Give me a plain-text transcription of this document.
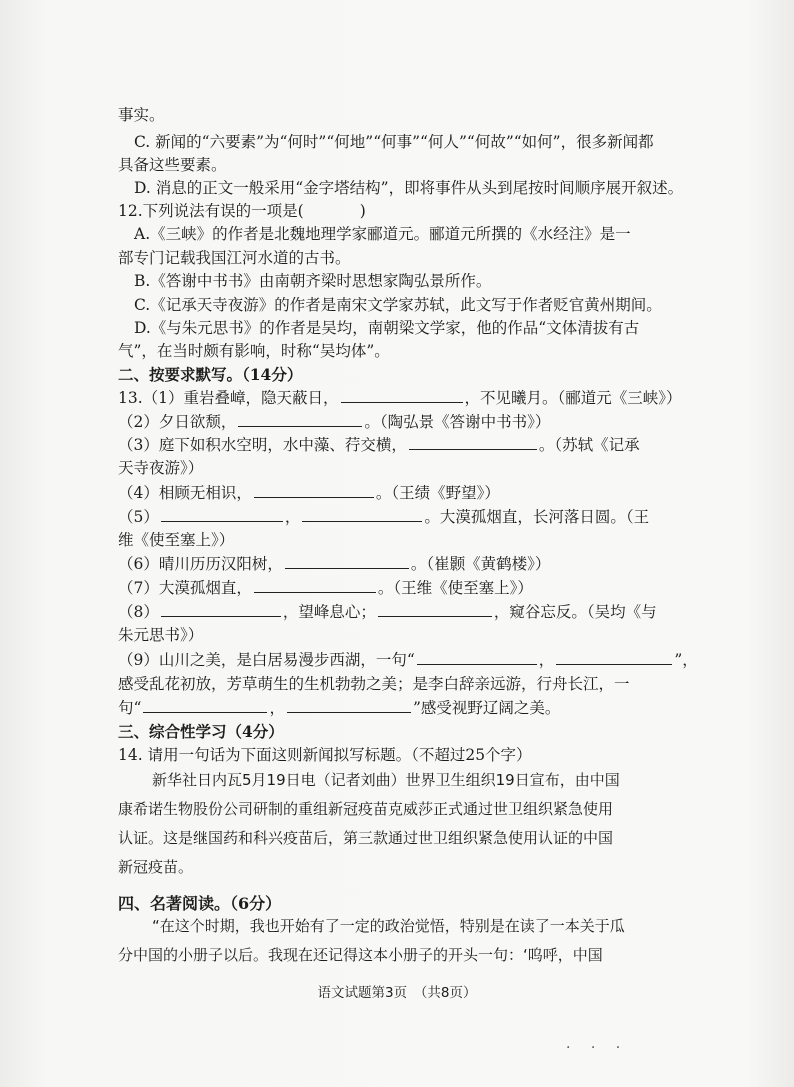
事实。
C. 新闻的“六要素”为“何时”“何地”“何事”“何人”“何故”“如何”，很多新闻都
具备这些要素。
D. 消息的正文一般采用“金字塔结构”，即将事件从头到尾按时间顺序展开叙述。
12.下列说法有误的一项是(	)
A.《三峡》的作者是北魏地理学家郦道元。郦道元所撰的《水经注》是一
部专门记载我国江河水道的古书。
B.《答谢中书书》由南朝齐梁时思想家陶弘景所作。
C.《记承天寺夜游》的作者是南宋文学家苏轼，此文写于作者贬官黄州期间。
D.《与朱元思书》的作者是吴均，南朝梁文学家，他的作品“文体清拔有古
气”，在当时颇有影响，时称“吴均体”。
二、按要求默写。（14分）
13.（1）重岩叠嶂，隐天蔽日，	，不见曦月。（郦道元《三峡》）
（2）夕日欲颓，	。（陶弘景《答谢中书书》）
（3）庭下如积水空明，水中藻、荇交横，	。（苏轼《记承
天寺夜游》）
（4）相顾无相识，	。（王绩《野望》）
（5）	，	。大漠孤烟直，长河落日圆。（王
维《使至塞上》）
（6）晴川历历汉阳树，	。（崔颢《黄鹤楼》）
（7）大漠孤烟直，	。（王维《使至塞上》）
（8）	，望峰息心；	，窥谷忘反。（吴均《与
朱元思书》）
（9）山川之美，是白居易漫步西湖，一句“	，	”，
感受乱花初放，芳草萌生的生机勃勃之美；是李白辞亲远游，行舟长江，一
句“	，	”感受视野辽阔之美。
三、综合性学习（4分）
14. 请用一句话为下面这则新闻拟写标题。（不超过25个字）
新华社日内瓦5月19日电（记者刘曲）世界卫生组织19日宣布，由中国
康希诺生物股份公司研制的重组新冠疫苗克威莎正式通过世卫组织紧急使用
认证。这是继国药和科兴疫苗后，第三款通过世卫组织紧急使用认证的中国
新冠疫苗。
四、名著阅读。（6分）
“在这个时期，我也开始有了一定的政治觉悟，特别是在读了一本关于瓜
分中国的小册子以后。我现在还记得这本小册子的开头一句：‘呜呼，中国
语文试题第3页　（共8页）
· · ·
